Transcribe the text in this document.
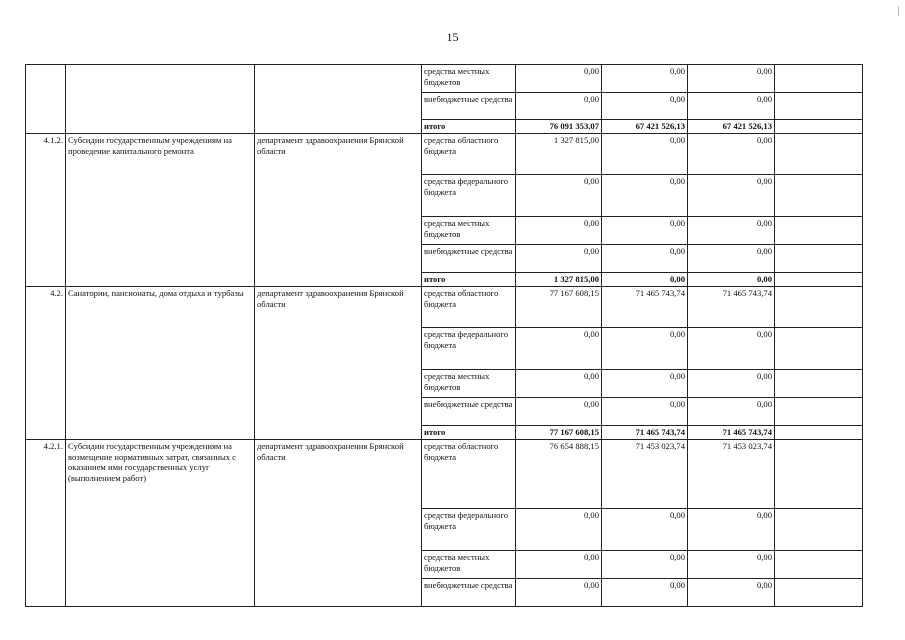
15
			средства местных бюджетов	0,00	0,00	0,00	
			внебюджетные средства	0,00	0,00	0,00	
			итого	76 091 353,07	67 421 526,13	67 421 526,13	
4.1.2.	Субсидии государственным учреждениям на проведение капитального ремонта	департамент здравоохранения Брянской области	средства областного бюджета	1 327 815,00	0,00	0,00	
			средства федерального бюджета	0,00	0,00	0,00	
			средства местных бюджетов	0,00	0,00	0,00	
			внебюджетные средства	0,00	0,00	0,00	
			итого	1 327 815,00	0,00	0,00	
4.2.	Санатории, пансионаты, дома отдыха и турбазы	департамент здравоохранения Брянской области	средства областного бюджета	77 167 608,15	71 465 743,74	71 465 743,74	
			средства федерального бюджета	0,00	0,00	0,00	
			средства местных бюджетов	0,00	0,00	0,00	
			внебюджетные средства	0,00	0,00	0,00	
			итого	77 167 608,15	71 465 743,74	71 465 743,74	
4.2.1.	Субсидии государственным учреждениям на возмещение нормативных затрат, связанных с оказанием ими государственных услуг (выполнением работ)	департамент здравоохранения Брянской области	средства областного бюджета	76 654 888,15	71 453 023,74	71 453 023,74	
			средства федерального бюджета	0,00	0,00	0,00	
			средства местных бюджетов	0,00	0,00	0,00	
			внебюджетные средства	0,00	0,00	0,00	
